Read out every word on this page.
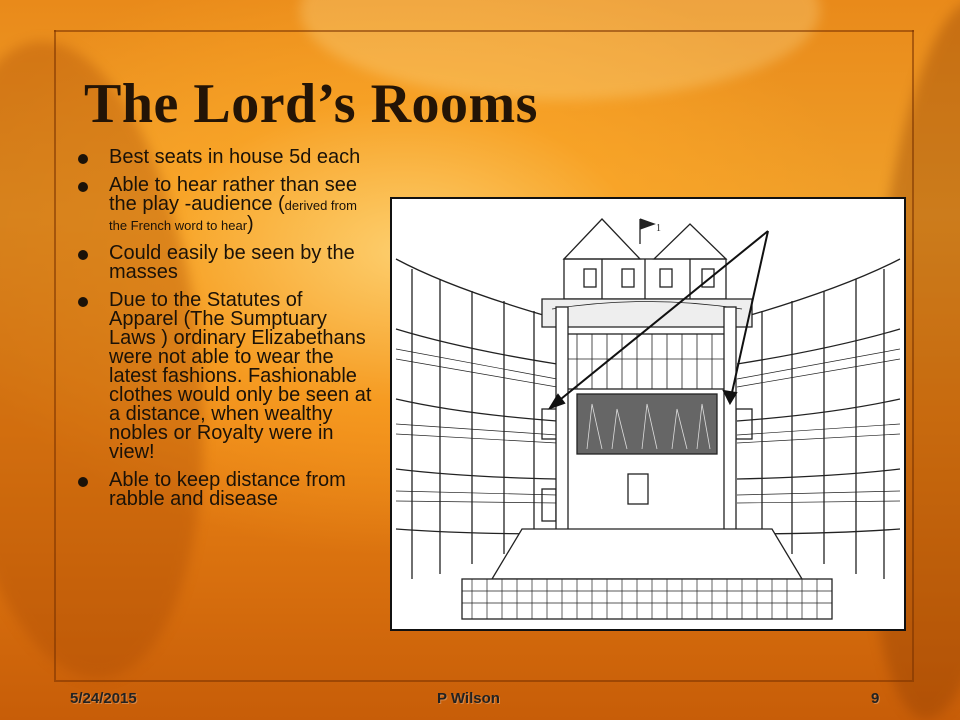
The Lord’s Rooms
Best seats in house 5d each
Able to hear rather than see the play -audience (derived from the French word to hear)
Could easily be seen by the masses
Due to the Statutes of Apparel (The Sumptuary Laws ) ordinary Elizabethans were not able to wear the latest fashions. Fashionable clothes would only be seen at a distance, when wealthy nobles or Royalty were in view!
Able to keep distance from rabble and disease
1
5/24/2015	P Wilson	9
